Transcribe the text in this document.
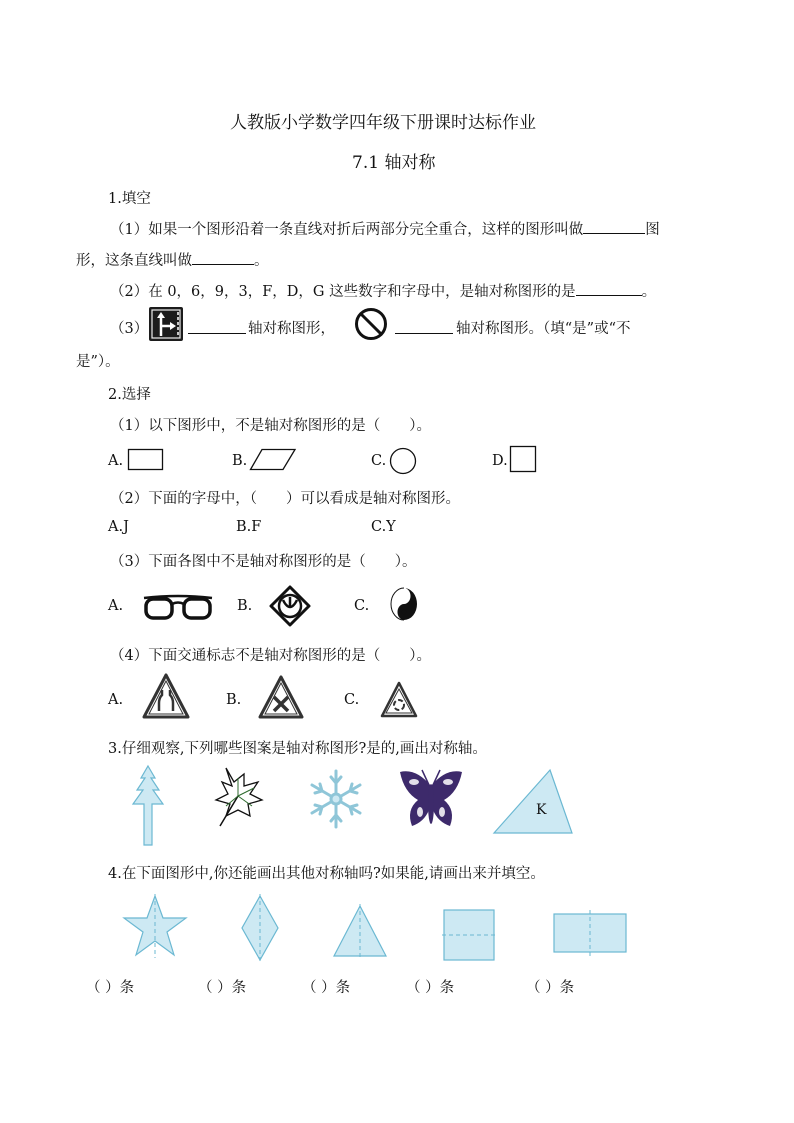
人教版小学数学四年级下册课时达标作业
7.1 轴对称
1.填空
（1）如果一个图形沿着一条直线对折后两部分完全重合，这样的图形叫做	图
形，这条直线叫做	。
（2）在 0，6，9，3，F，D，G 这些数字和字母中，是轴对称图形的是	。
（3）	轴对称图形，	轴对称图形。（填“是”或“不
是”）。
2.选择
（1）以下图形中，不是轴对称图形的是（　　）。
A.	B.	C.	D.
（2）下面的字母中，（　　）可以看成是轴对称图形。
A.J	B.F	C.Y
（3）下面各图中不是轴对称图形的是（　　）。
A.	B.	C.
（4）下面交通标志不是轴对称图形的是（　　）。
A.	B.	C.
3.仔细观察,下列哪些图案是轴对称图形?是的,画出对称轴。
K
4.在下面图形中,你还能画出其他对称轴吗?如果能,请画出来并填空。
（ ）条	（ ）条	（ ）条	（ ）条	（ ）条
